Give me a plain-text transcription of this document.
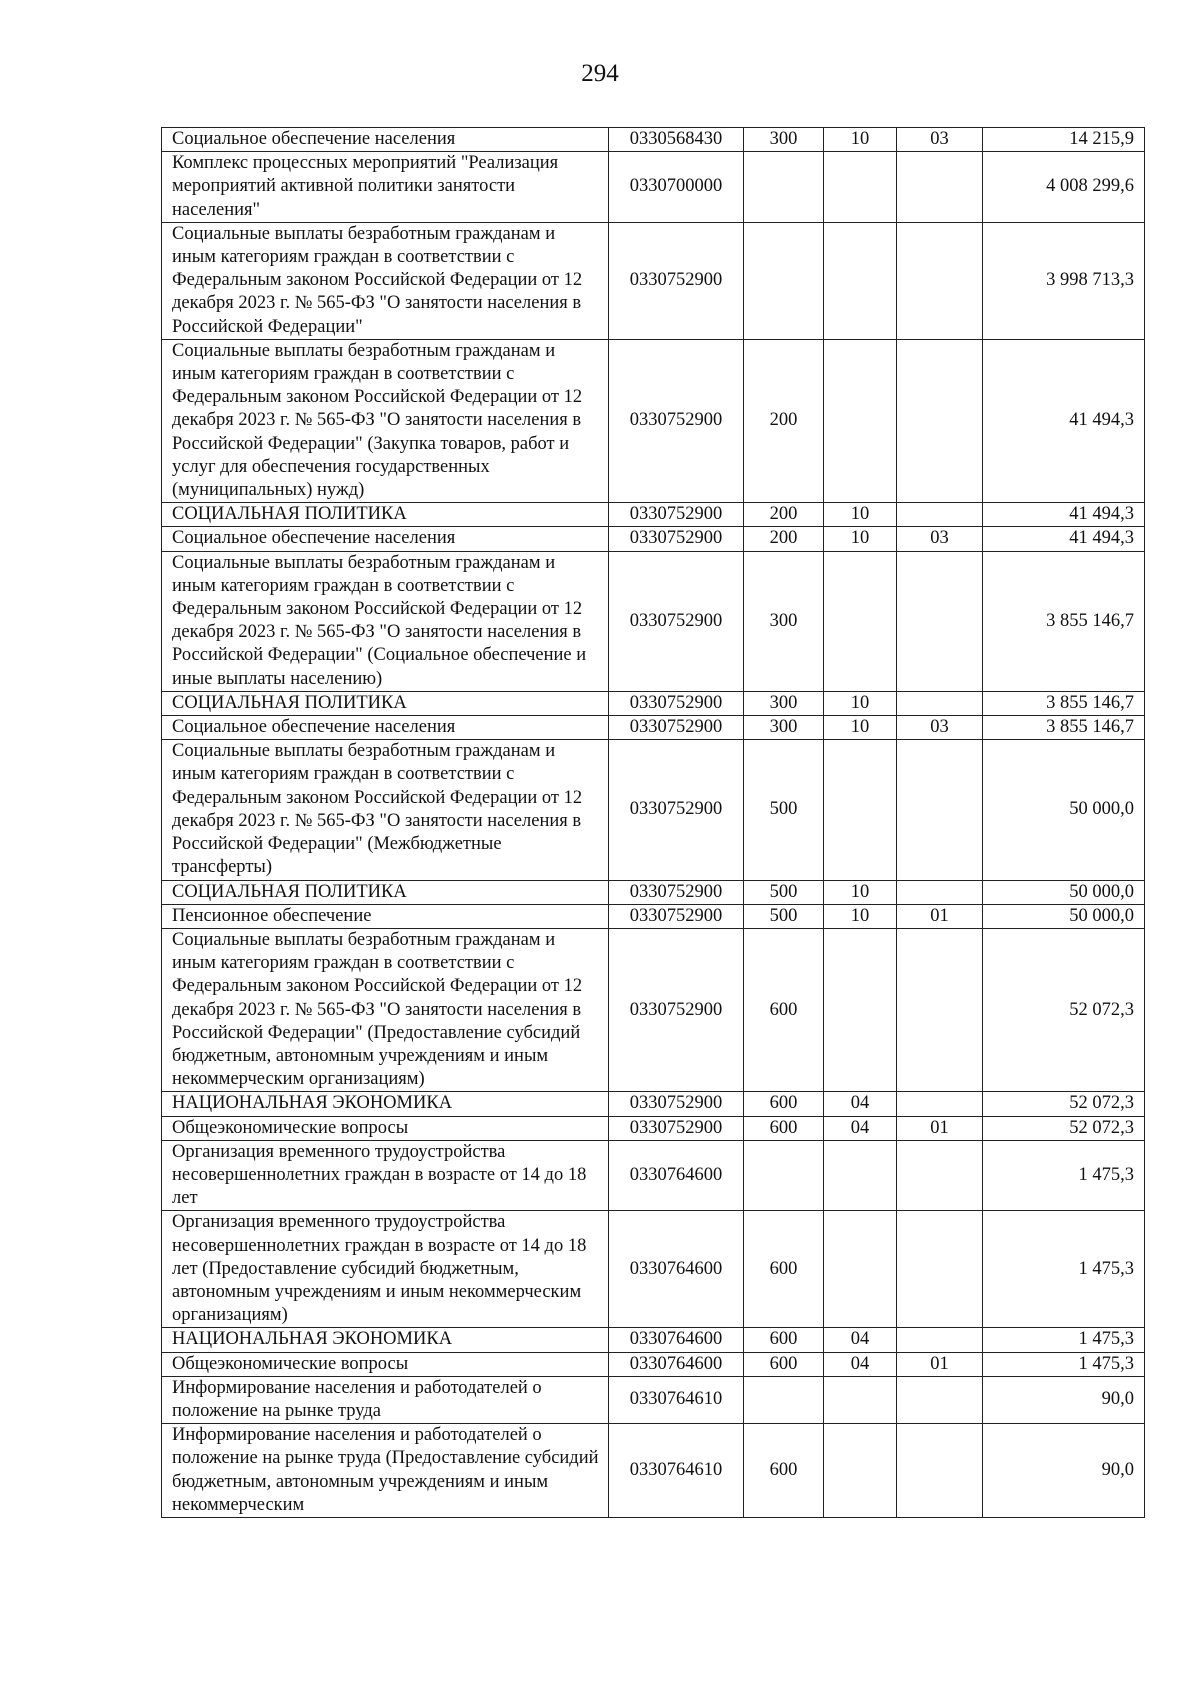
294
Социальное обеспечение населения	0330568430	300	10	03	14 215,9
Комплекс процессных мероприятий "Реализация мероприятий активной политики занятости населения"	0330700000				4 008 299,6
Социальные выплаты безработным гражданам и иным категориям граждан в соответствии с Федеральным законом Российской Федерации от 12 декабря 2023 г. № 565-ФЗ "О занятости населения в Российской Федерации"	0330752900				3 998 713,3
Социальные выплаты безработным гражданам и иным категориям граждан в соответствии с Федеральным законом Российской Федерации от 12 декабря 2023 г. № 565-ФЗ "О занятости населения в Российской Федерации" (Закупка товаров, работ и услуг для обеспечения государственных (муниципальных) нужд)	0330752900	200			41 494,3
СОЦИАЛЬНАЯ ПОЛИТИКА	0330752900	200	10		41 494,3
Социальное обеспечение населения	0330752900	200	10	03	41 494,3
Социальные выплаты безработным гражданам и иным категориям граждан в соответствии с Федеральным законом Российской Федерации от 12 декабря 2023 г. № 565-ФЗ "О занятости населения в Российской Федерации" (Социальное обеспечение и иные выплаты населению)	0330752900	300			3 855 146,7
СОЦИАЛЬНАЯ ПОЛИТИКА	0330752900	300	10		3 855 146,7
Социальное обеспечение населения	0330752900	300	10	03	3 855 146,7
Социальные выплаты безработным гражданам и иным категориям граждан в соответствии с Федеральным законом Российской Федерации от 12 декабря 2023 г. № 565-ФЗ "О занятости населения в Российской Федерации" (Межбюджетные трансферты)	0330752900	500			50 000,0
СОЦИАЛЬНАЯ ПОЛИТИКА	0330752900	500	10		50 000,0
Пенсионное обеспечение	0330752900	500	10	01	50 000,0
Социальные выплаты безработным гражданам и иным категориям граждан в соответствии с Федеральным законом Российской Федерации от 12 декабря 2023 г. № 565-ФЗ "О занятости населения в Российской Федерации" (Предоставление субсидий бюджетным, автономным учреждениям и иным некоммерческим организациям)	0330752900	600			52 072,3
НАЦИОНАЛЬНАЯ ЭКОНОМИКА	0330752900	600	04		52 072,3
Общеэкономические вопросы	0330752900	600	04	01	52 072,3
Организация временного трудоустройства несовершеннолетних граждан в возрасте от 14 до 18 лет	0330764600				1 475,3
Организация временного трудоустройства несовершеннолетних граждан в возрасте от 14 до 18 лет (Предоставление субсидий бюджетным, автономным учреждениям и иным некоммерческим организациям)	0330764600	600			1 475,3
НАЦИОНАЛЬНАЯ ЭКОНОМИКА	0330764600	600	04		1 475,3
Общеэкономические вопросы	0330764600	600	04	01	1 475,3
Информирование населения и работодателей о положение на рынке труда	0330764610				90,0
Информирование населения и работодателей о положение на рынке труда (Предоставление субсидий бюджетным, автономным учреждениям и иным некоммерческим	0330764610	600			90,0
